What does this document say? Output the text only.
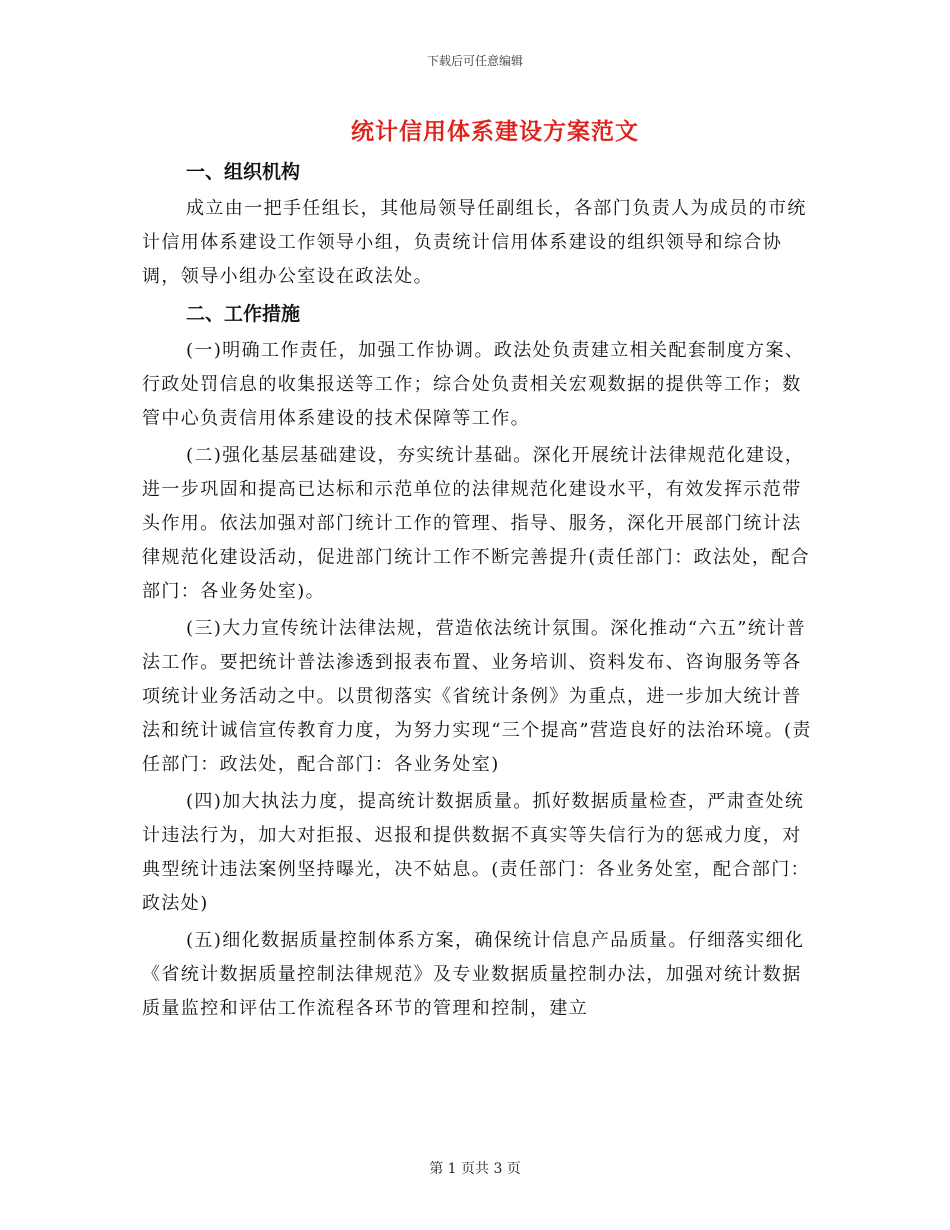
下载后可任意编辑
统计信用体系建设方案范文
一、组织机构

成立由一把手任组长，其他局领导任副组长，各部门负责人为成员的市统计信用体系建设工作领导小组，负责统计信用体系建设的组织领导和综合协调，领导小组办公室设在政法处。

二、工作措施

(一)明确工作责任，加强工作协调。政法处负责建立相关配套制度方案、行政处罚信息的收集报送等工作；综合处负责相关宏观数据的提供等工作；数管中心负责信用体系建设的技术保障等工作。

(二)强化基层基础建设，夯实统计基础。深化开展统计法律规范化建设，进一步巩固和提高已达标和示范单位的法律规范化建设水平，有效发挥示范带头作用。依法加强对部门统计工作的管理、指导、服务，深化开展部门统计法律规范化建设活动，促进部门统计工作不断完善提升(责任部门：政法处，配合部门：各业务处室)。

(三)大力宣传统计法律法规，营造依法统计氛围。深化推动“六五”统计普法工作。要把统计普法渗透到报表布置、业务培训、资料发布、咨询服务等各项统计业务活动之中。以贯彻落实《省统计条例》为重点，进一步加大统计普法和统计诚信宣传教育力度，为努力实现“三个提高”营造良好的法治环境。(责任部门：政法处，配合部门：各业务处室)

(四)加大执法力度，提高统计数据质量。抓好数据质量检查，严肃查处统计违法行为，加大对拒报、迟报和提供数据不真实等失信行为的惩戒力度，对典型统计违法案例坚持曝光，决不姑息。(责任部门：各业务处室，配合部门：政法处)

(五)细化数据质量控制体系方案，确保统计信息产品质量。仔细落实细化《省统计数据质量控制法律规范》及专业数据质量控制办法，加强对统计数据质量监控和评估工作流程各环节的管理和控制，建立

第 1 页共 3 页
